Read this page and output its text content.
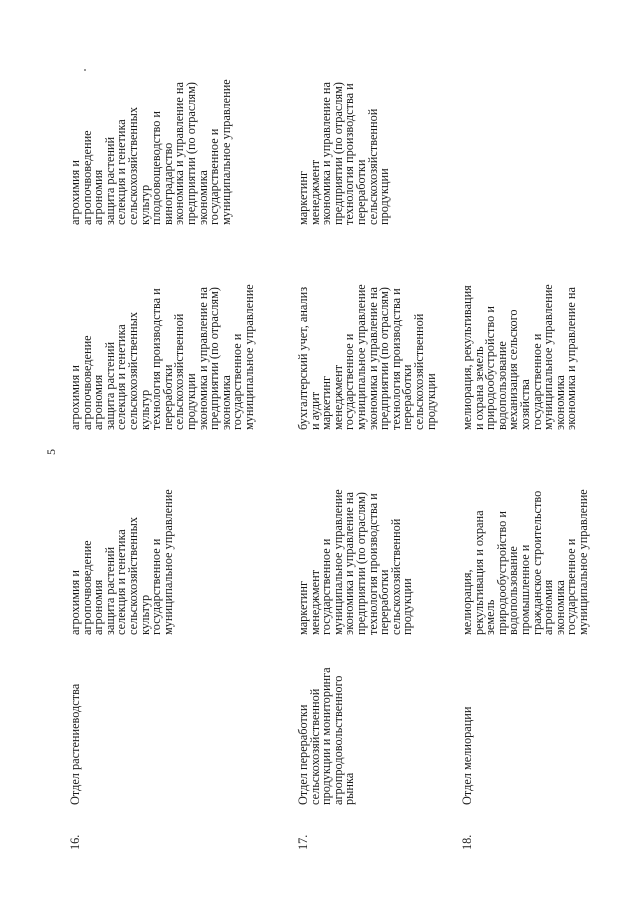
5
16.
Отдел растениеводства
агрохимия и
агропочвоведение
агрономия
защита растений
селекция и генетика
сельскохозяйственных
культур
государственное и
муниципальное управление
агрохимия и
агропочвоведение
агрономия
защита растений
селекция и генетика
сельскохозяйственных
культур
технология производства и
переработки
сельскохозяйственной
продукции
экономика и управление на
предприятии (по отраслям)
экономика
государственное и
муниципальное управление
агрохимия и
агропочвоведение
агрономия
защита растений
селекция и генетика
сельскохозяйственных
культур
плодоовощеводство и
виноградарство
экономика и управление на
предприятии (по отраслям)
экономика
государственное и
муниципальное управление
17.
Отдел переработки
сельскохозяйственной
продукции и мониторинга
агропродовольственного
рынка
маркетинг
менеджмент
государственное и
муниципальное управление
экономика и управление на
предприятии (по отраслям)
технология производства и
переработки
сельскохозяйственной
продукции
бухгалтерский учет, анализ
и аудит
маркетинг
менеджмент
государственное и
муниципальное управление
экономика и управление на
предприятии (по отраслям)
технология производства и
переработки
сельскохозяйственной
продукции
маркетинг
менеджмент
экономика и управление на
предприятии (по отраслям)
технология производства и
переработки
сельскохозяйственной
продукции
18.
Отдел мелиорации
мелиорация,
рекультивация и охрана
земель
природообустройство и
водопользование
промышленное и
гражданское строительство
агрономия
экономика
государственное и
муниципальное управление
мелиорация, рекультивация
и охрана земель
природообустройство и
водопользование
механизация сельского
хозяйства
государственное и
муниципальное управление
экономика
экономика и управление на
